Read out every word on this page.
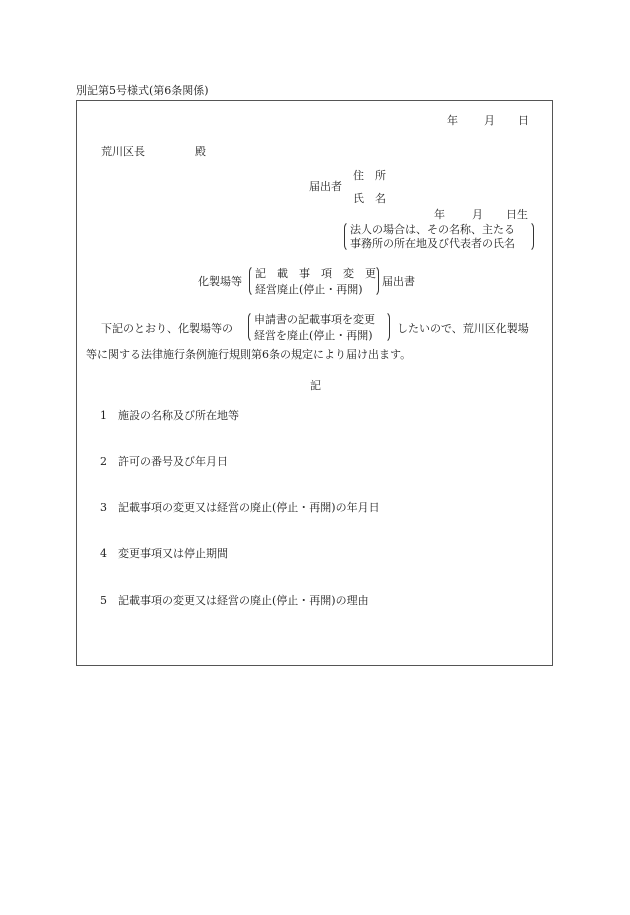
別記第5号様式(第6条関係)
年 月 日
荒川区長	殿
届出者
住　所
氏　名
年 月 日生
法人の場合は、その名称、主たる
事務所の所在地及び代表者の氏名
化製場等
記載事項変更
経営廃止(停止・再開)
届出書
下記のとおり、化製場等の
申請書の記載事項を変更
経営を廃止(停止・再開)
したいので、荒川区化製場
等に関する法律施行条例施行規則第6条の規定により届け出ます。
記
1 施設の名称及び所在地等
2 許可の番号及び年月日
3 記載事項の変更又は経営の廃止(停止・再開)の年月日
4 変更事項又は停止期間
5 記載事項の変更又は経営の廃止(停止・再開)の理由
